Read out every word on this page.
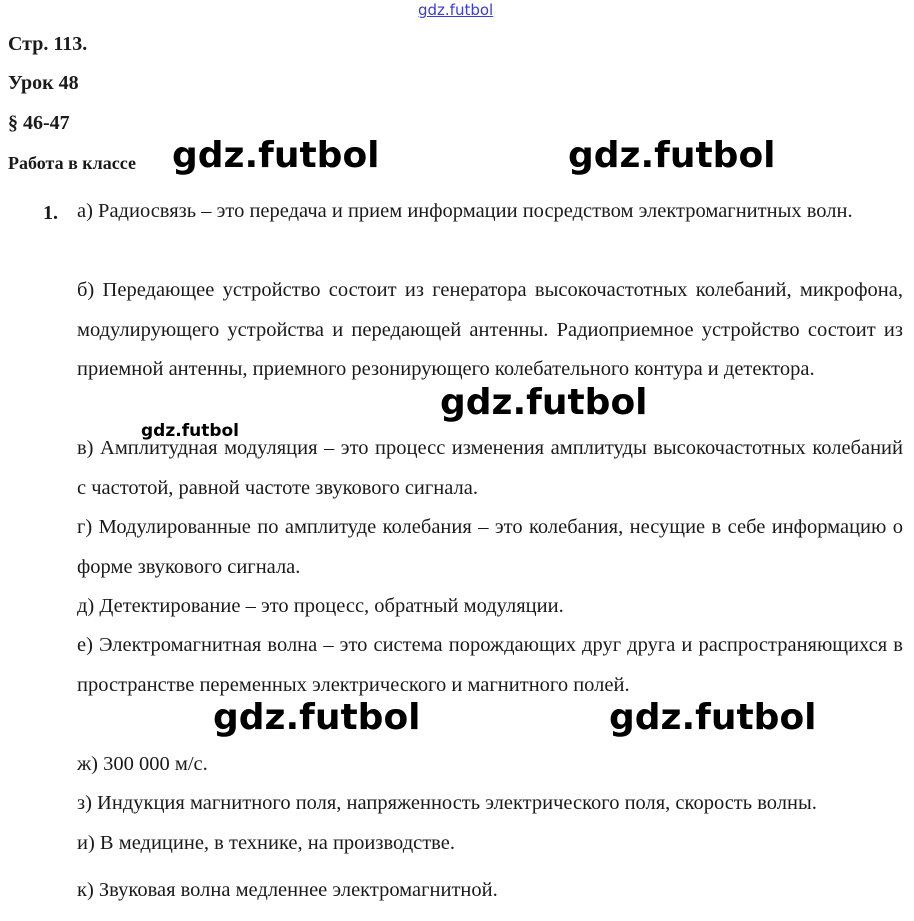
Стр. 113.
Урок 48
§ 46-47
Работа в классе
1. а) Радиосвязь – это передача и прием информации посредством электромагнитных волн.

б) Передающее устройство состоит из генератора высокочастотных колебаний, микрофона, модулирующего устройства и передающей антенны. Радиоприемное устройство состоит из приемной антенны, приемного резонирующего колебательного контура и детектора.

в) Амплитудная модуляция – это процесс изменения амплитуды высокочастотных колебаний с частотой, равной частоте звукового сигнала.

г) Модулированные по амплитуде колебания – это колебания, несущие в себе информацию о форме звукового сигнала.

д) Детектирование – это процесс, обратный модуляции.

е) Электромагнитная волна – это система порождающих друг друга и распространяющихся в пространстве переменных электрического и магнитного полей.

ж) 300 000 м/с.

з) Индукция магнитного поля, напряженность электрического поля, скорость волны.

и) В медицине, в технике, на производстве.

к) Звуковая волна медленнее электромагнитной.

gdz.futbol
gdz.futbol	gdz.futbol
gdz.futbol
gdz.futbol
gdz.futbol	gdz.futbol
